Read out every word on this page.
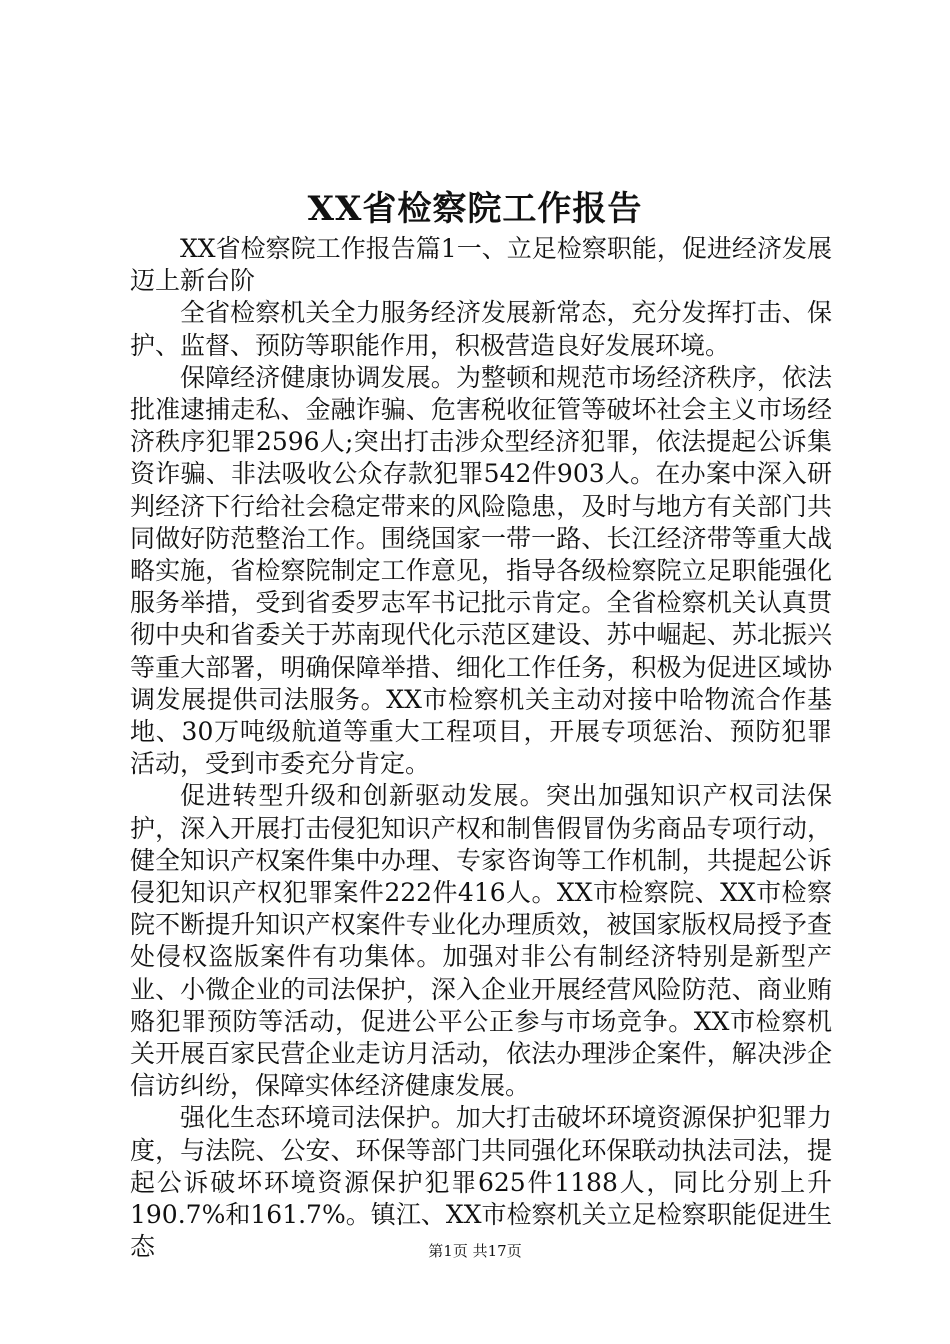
XX省检察院工作报告

XX省检察院工作报告篇1一、立足检察职能，促进经济发展迈上新台阶

全省检察机关全力服务经济发展新常态，充分发挥打击、保护、监督、预防等职能作用，积极营造良好发展环境。

保障经济健康协调发展。为整顿和规范市场经济秩序，依法批准逮捕走私、金融诈骗、危害税收征管等破坏社会主义市场经济秩序犯罪2596人;突出打击涉众型经济犯罪，依法提起公诉集资诈骗、非法吸收公众存款犯罪542件903人。在办案中深入研判经济下行给社会稳定带来的风险隐患，及时与地方有关部门共同做好防范整治工作。围绕国家一带一路、长江经济带等重大战略实施，省检察院制定工作意见，指导各级检察院立足职能强化服务举措，受到省委罗志军书记批示肯定。全省检察机关认真贯彻中央和省委关于苏南现代化示范区建设、苏中崛起、苏北振兴等重大部署，明确保障举措、细化工作任务，积极为促进区域协调发展提供司法服务。XX市检察机关主动对接中哈物流合作基地、30万吨级航道等重大工程项目，开展专项惩治、预防犯罪活动，受到市委充分肯定。

促进转型升级和创新驱动发展。突出加强知识产权司法保护，深入开展打击侵犯知识产权和制售假冒伪劣商品专项行动，健全知识产权案件集中办理、专家咨询等工作机制，共提起公诉侵犯知识产权犯罪案件222件416人。XX市检察院、XX市检察院不断提升知识产权案件专业化办理质效，被国家版权局授予查处侵权盗版案件有功集体。加强对非公有制经济特别是新型产业、小微企业的司法保护，深入企业开展经营风险防范、商业贿赂犯罪预防等活动，促进公平公正参与市场竞争。XX市检察机关开展百家民营企业走访月活动，依法办理涉企案件，解决涉企信访纠纷，保障实体经济健康发展。

强化生态环境司法保护。加大打击破坏环境资源保护犯罪力度，与法院、公安、环保等部门共同强化环保联动执法司法，提起公诉破坏环境资源保护犯罪625件1188人，同比分别上升190.7%和161.7%。镇江、XX市检察机关立足检察职能促进生态	第1页 共17页
